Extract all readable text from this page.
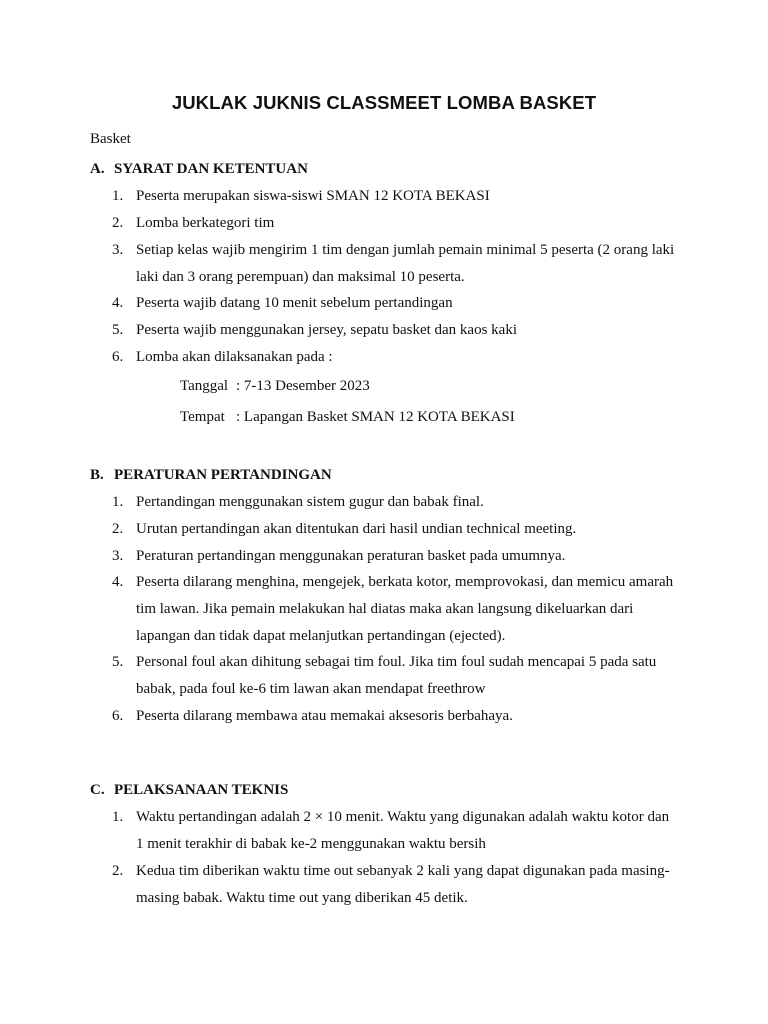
JUKLAK JUKNIS CLASSMEET LOMBA BASKET
Basket
A. SYARAT DAN KETENTUAN
1. Peserta merupakan siswa-siswi SMAN 12 KOTA BEKASI
2. Lomba berkategori tim
3. Setiap kelas wajib mengirim 1 tim dengan jumlah pemain minimal 5 peserta (2 orang laki
laki dan 3 orang perempuan) dan maksimal 10 peserta.
4. Peserta wajib datang 10 menit sebelum pertandingan
5. Peserta wajib menggunakan jersey, sepatu basket dan kaos kaki
6. Lomba akan dilaksanakan pada :
Tanggal : 7-13 Desember 2023
Tempat : Lapangan Basket SMAN 12 KOTA BEKASI
B. PERATURAN PERTANDINGAN
1. Pertandingan menggunakan sistem gugur dan babak final.
2. Urutan pertandingan akan ditentukan dari hasil undian technical meeting.
3. Peraturan pertandingan menggunakan peraturan basket pada umumnya.
4. Peserta dilarang menghina, mengejek, berkata kotor, memprovokasi, dan memicu amarah
tim lawan. Jika pemain melakukan hal diatas maka akan langsung dikeluarkan dari
lapangan dan tidak dapat melanjutkan pertandingan (ejected).
5. Personal foul akan dihitung sebagai tim foul. Jika tim foul sudah mencapai 5 pada satu
babak, pada foul ke-6 tim lawan akan mendapat freethrow
6. Peserta dilarang membawa atau memakai aksesoris berbahaya.
C. PELAKSANAAN TEKNIS
1. Waktu pertandingan adalah 2 × 10 menit. Waktu yang digunakan adalah waktu kotor dan
1 menit terakhir di babak ke-2 menggunakan waktu bersih
2. Kedua tim diberikan waktu time out sebanyak 2 kali yang dapat digunakan pada masing-
masing babak. Waktu time out yang diberikan 45 detik.
